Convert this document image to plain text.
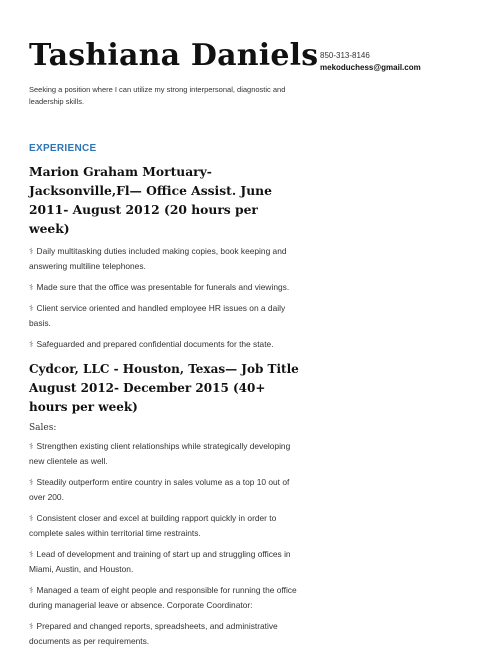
Tashiana Daniels 850-313-8146
mekoduchess@gmail.com
Seeking a position where I can utilize my strong interpersonal, diagnostic and leadership skills.
EXPERIENCE

Marion Graham Mortuary- Jacksonville,Fl— Office Assist. June 2011- August 2012 (20 hours per week)

⚕ Daily multitasking duties included making copies, book keeping and answering multiline telephones.

⚕ Made sure that the office was presentable for funerals and viewings.

⚕ Client service oriented and handled employee HR issues on a daily basis.

⚕ Safeguarded and prepared confidential documents for the state.

Cydcor, LLC - Houston, Texas— Job Title August 2012- December 2015 (40+ hours per week)

Sales:

⚕ Strengthen existing client relationships while strategically developing new clientele as well.

⚕ Steadily outperform entire country in sales volume as a top 10 out of over 200.

⚕ Consistent closer and excel at building rapport quickly in order to complete sales within territorial time restraints.

⚕ Lead of development and training of start up and struggling offices in Miami, Austin, and Houston.

⚕ Managed a team of eight people and responsible for running the office during managerial leave or absence. Corporate Coordinator:

⚕ Prepared and changed reports, spreadsheets, and administrative documents as per requirements.
